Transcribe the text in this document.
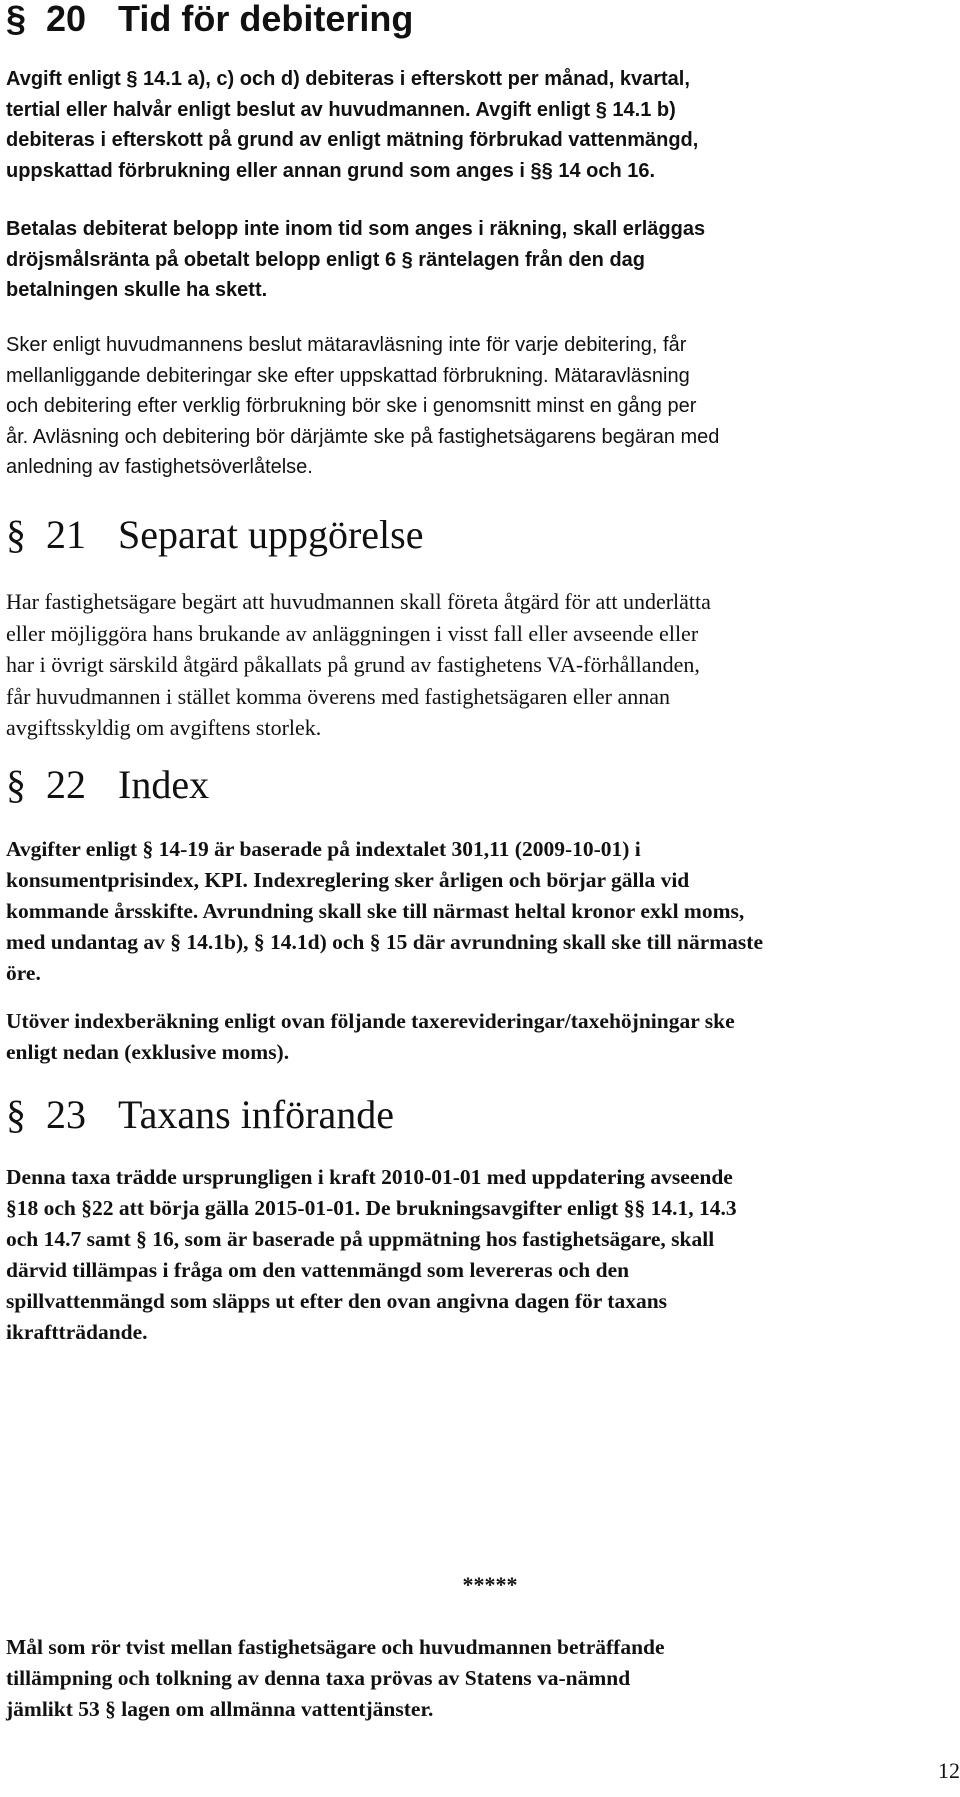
§ 20 Tid för debitering

Avgift enligt § 14.1 a), c) och d) debiteras i efterskott per månad, kvartal,
tertial eller halvår enligt beslut av huvudmannen. Avgift enligt § 14.1 b)
debiteras i efterskott på grund av enligt mätning förbrukad vattenmängd,
uppskattad förbrukning eller annan grund som anges i §§ 14 och 16.

Betalas debiterat belopp inte inom tid som anges i räkning, skall erläggas
dröjsmålsränta på obetalt belopp enligt 6 § räntelagen från den dag
betalningen skulle ha skett.

Sker enligt huvudmannens beslut mätaravläsning inte för varje debitering, får
mellanliggande debiteringar ske efter uppskattad förbrukning. Mätaravläsning
och debitering efter verklig förbrukning bör ske i genomsnitt minst en gång per
år. Avläsning och debitering bör därjämte ske på fastighetsägarens begäran med
anledning av fastighetsöverlåtelse.

§ 21 Separat uppgörelse

Har fastighetsägare begärt att huvudmannen skall företa åtgärd för att underlätta
eller möjliggöra hans brukande av anläggningen i visst fall eller avseende eller
har i övrigt särskild åtgärd påkallats på grund av fastighetens VA-förhållanden,
får huvudmannen i stället komma överens med fastighetsägaren eller annan
avgiftsskyldig om avgiftens storlek.

§ 22 Index

Avgifter enligt § 14-19 är baserade på indextalet 301,11 (2009-10-01) i
konsumentprisindex, KPI. Indexreglering sker årligen och börjar gälla vid
kommande årsskifte. Avrundning skall ske till närmast heltal kronor exkl moms,
med undantag av § 14.1b), § 14.1d) och § 15 där avrundning skall ske till närmaste
öre.

Utöver indexberäkning enligt ovan följande taxerevideringar/taxehöjningar ske
enligt nedan (exklusive moms).

§ 23 Taxans införande

Denna taxa trädde ursprungligen i kraft 2010-01-01 med uppdatering avseende
§18 och §22 att börja gälla 2015-01-01. De brukningsavgifter enligt §§ 14.1, 14.3
och 14.7 samt § 16, som är baserade på uppmätning hos fastighetsägare, skall
därvid tillämpas i fråga om den vattenmängd som levereras och den
spillvattenmängd som släpps ut efter den ovan angivna dagen för taxans
ikraftträdande.

*****

Mål som rör tvist mellan fastighetsägare och huvudmannen beträffande
tillämpning och tolkning av denna taxa prövas av Statens va-nämnd
jämlikt 53 § lagen om allmänna vattentjänster.

12
